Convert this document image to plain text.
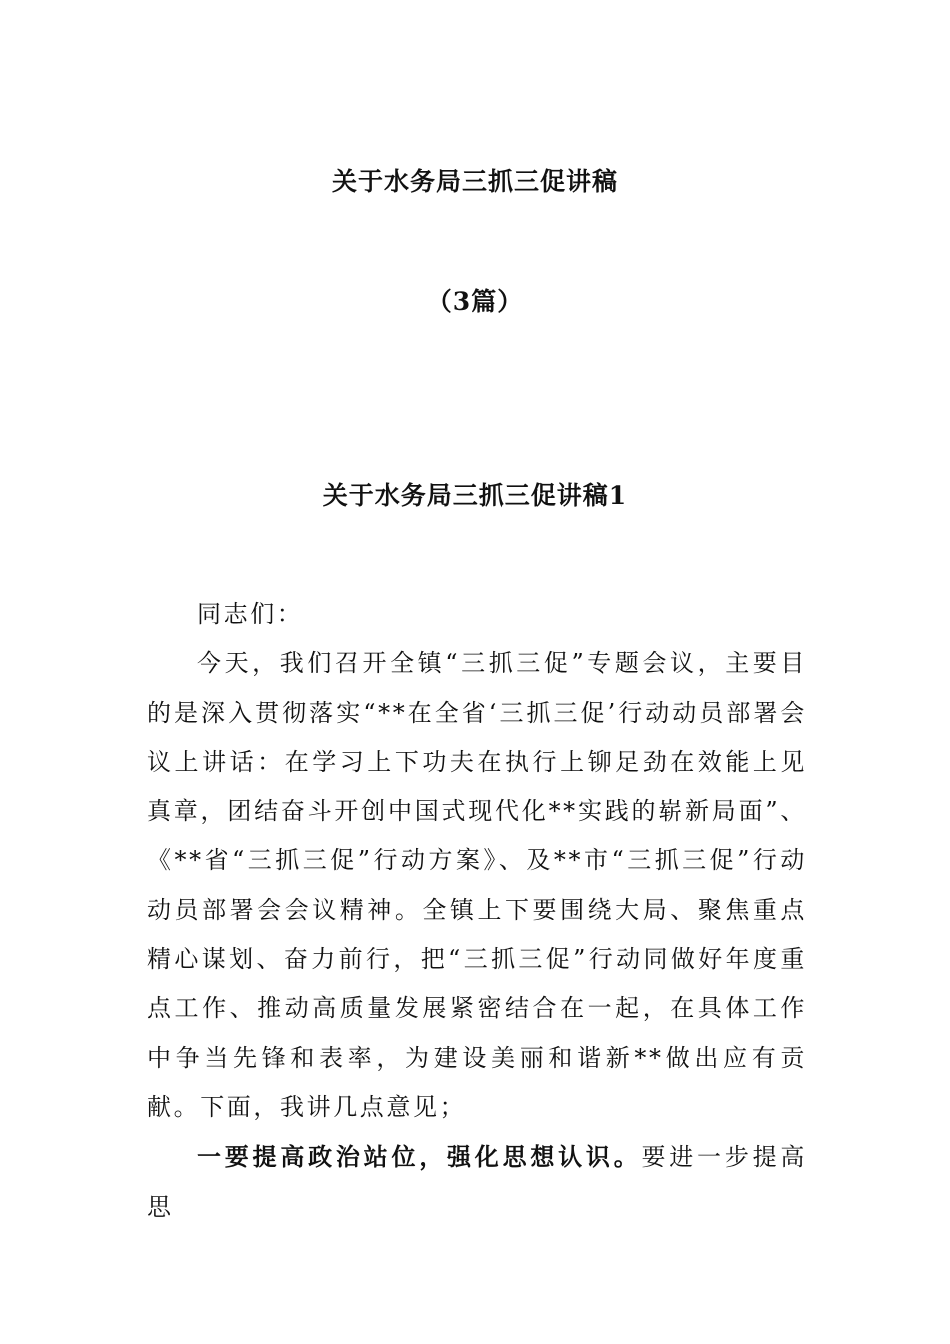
关于水务局三抓三促讲稿
（3篇）
关于水务局三抓三促讲稿1

同志们：

今天，我们召开全镇“三抓三促”专题会议，主要目的是深入贯彻落实“**在全省‘三抓三促’行动动员部署会议上讲话：在学习上下功夫在执行上铆足劲在效能上见真章，团结奋斗开创中国式现代化**实践的崭新局面”、《**省“三抓三促”行动方案》、及**市“三抓三促”行动动员部署会会议精神。全镇上下要围绕大局、聚焦重点精心谋划、奋力前行，把“三抓三促”行动同做好年度重点工作、推动高质量发展紧密结合在一起，在具体工作中争当先锋和表率，为建设美丽和谐新**做出应有贡献。下面，我讲几点意见；

一要提高政治站位，强化思想认识。要进一步提高思
